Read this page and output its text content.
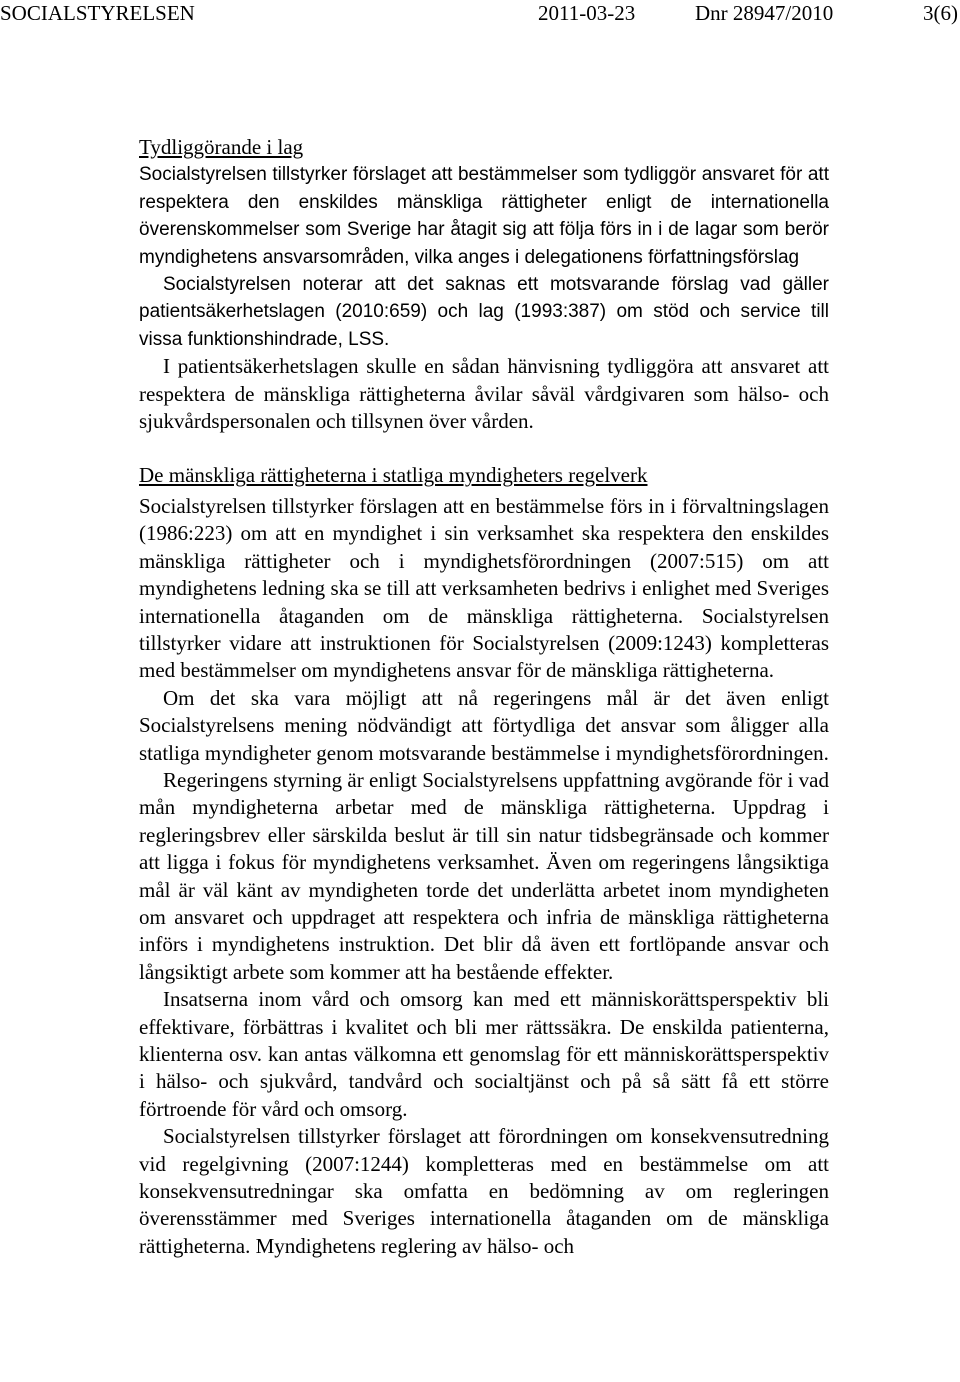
SOCIALSTYRELSEN	2011-03-23	Dnr 28947/2010	3(6)

Tydliggörande i lag

Socialstyrelsen tillstyrker förslaget att bestämmelser som tydliggör ansvaret för att respektera den enskildes mänskliga rättigheter enligt de internationella överenskommelser som Sverige har åtagit sig att följa förs in i de lagar som berör myndighetens ansvarsområden, vilka anges i delegationens författningsförslag

Socialstyrelsen noterar att det saknas ett motsvarande förslag vad gäller patientsäkerhetslagen (2010:659) och lag (1993:387) om stöd och service till vissa funktionshindrade, LSS.

I patientsäkerhetslagen skulle en sådan hänvisning tydliggöra att ansvaret att respektera de mänskliga rättigheterna åvilar såväl vårdgivaren som hälso- och sjukvårdspersonalen och tillsynen över vården.

De mänskliga rättigheterna i statliga myndigheters regelverk

Socialstyrelsen tillstyrker förslagen att en bestämmelse förs in i förvaltningslagen (1986:223) om att en myndighet i sin verksamhet ska respektera den enskildes mänskliga rättigheter och i myndighetsförordningen (2007:515) om att myndighetens ledning ska se till att verksamheten bedrivs i enlighet med Sveriges internationella åtaganden om de mänskliga rättigheterna. Socialstyrelsen tillstyrker vidare att instruktionen för Socialstyrelsen (2009:1243) kompletteras med bestämmelser om myndighetens ansvar för de mänskliga rättigheterna.

Om det ska vara möjligt att nå regeringens mål är det även enligt Socialstyrelsens mening nödvändigt att förtydliga det ansvar som åligger alla statliga myndigheter genom motsvarande bestämmelse i myndighetsförordningen.

Regeringens styrning är enligt Socialstyrelsens uppfattning avgörande för i vad mån myndigheterna arbetar med de mänskliga rättigheterna. Uppdrag i regleringsbrev eller särskilda beslut är till sin natur tidsbegränsade och kommer att ligga i fokus för myndighetens verksamhet. Även om regeringens långsiktiga mål är väl känt av myndigheten torde det underlätta arbetet inom myndigheten om ansvaret och uppdraget att respektera och infria de mänskliga rättigheterna införs i myndighetens instruktion. Det blir då även ett fortlöpande ansvar och långsiktigt arbete som kommer att ha bestående effekter.

Insatserna inom vård och omsorg kan med ett människorättsperspektiv bli effektivare, förbättras i kvalitet och bli mer rättssäkra. De enskilda patienterna, klienterna osv. kan antas välkomna ett genomslag för ett människorättsperspektiv i hälso- och sjukvård, tandvård och socialtjänst och på så sätt få ett större förtroende för vård och omsorg.

Socialstyrelsen tillstyrker förslaget att förordningen om konsekvensutredning vid regelgivning (2007:1244) kompletteras med en bestämmelse om att konsekvensutredningar ska omfatta en bedömning av om regleringen överensstämmer med Sveriges internationella åtaganden om de mänskliga rättigheterna. Myndighetens reglering av hälso- och
